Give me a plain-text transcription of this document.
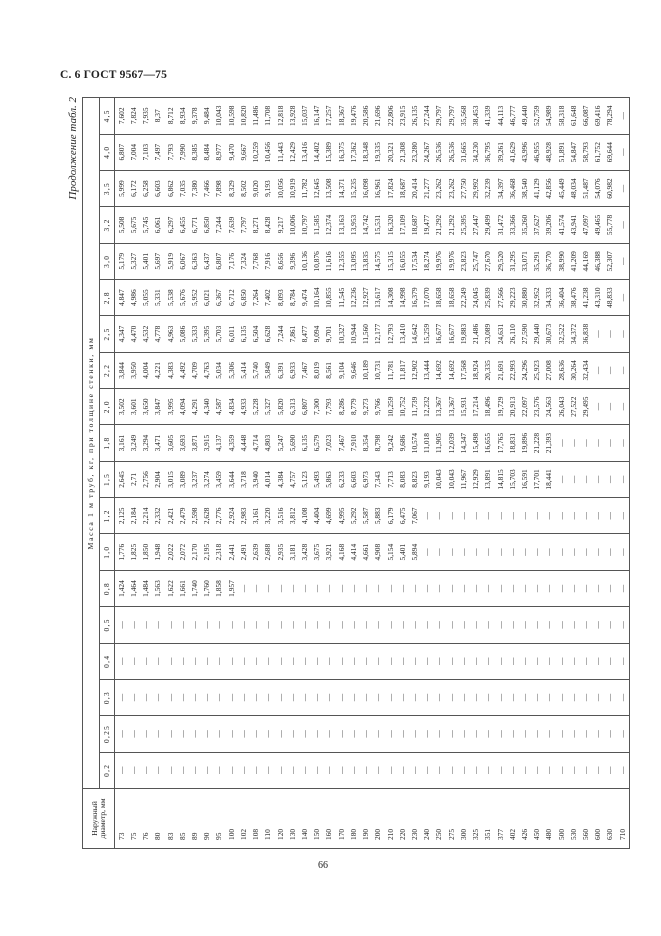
С. 6 ГОСТ 9567—75
Продолжение табл. 2
Наружный диаметр, мм	Масса 1 м труб, кг, при толщине стенки, мм																		
	0,2	0,25	0,3	0,4	0,5	0,8	1,0	1,2	1,5	1,8	2,0	2,2	2,5	2,8	3,0	3,2	3,5	4,0	4,5
73	—	—	—	—	—	1,424	1,776	2,125	2,645	3,161	3,502	3,844	4,347	4,847	5,179	5,508	5,999	6,807	7,602
75	—	—	—	—	—	1,464	1,825	2,184	2,71	3,249	3,601	3,950	4,470	4,986	5,327	5,675	6,172	7,004	7,824
76	—	—	—	—	—	1,484	1,850	2,214	2,756	3,294	3,650	4,004	4,532	5,055	5,401	5,745	6,258	7,103	7,935
80	—	—	—	—	—	1,563	1,948	2,332	2,904	3,471	3,847	4,221	4,778	5,331	5,697	6,061	6,603	7,497	8,37
83	—	—	—	—	—	1,622	2,022	2,421	3,015	3,605	3,995	4,383	4,963	5,538	5,919	6,297	6,862	7,793	8,712
85	—	—	—	—	—	1,661	2,072	2,479	3,089	3,693	4,094	4,492	5,086	5,676	6,067	6,455	7,035	7,990	8,934
89	—	—	—	—	—	1,740	2,170	2,598	3,237	3,871	4,291	4,709	5,333	5,952	6,363	6,771	7,380	8,385	9,378
90	—	—	—	—	—	1,760	2,195	2,628	3,274	3,915	4,340	4,763	5,395	6,021	6,437	6,850	7,466	8,484	9,484
95	—	—	—	—	—	1,858	2,318	2,776	3,459	4,137	4,587	5,034	5,703	6,367	6,807	7,244	7,898	8,977	10,043
100	—	—	—	—	—	1,957	2,441	2,924	3,644	4,359	4,834	5,306	6,011	6,712	7,176	7,639	8,329	9,470	10,598
102	—	—	—	—	—	—	2,491	2,983	3,718	4,448	4,933	5,414	6,135	6,850	7,324	7,797	8,502	9,667	10,820
108	—	—	—	—	—	—	2,639	3,161	3,940	4,714	5,228	5,740	6,504	7,264	7,768	8,271	9,020	10,259	11,486
110	—	—	—	—	—	—	2,688	3,220	4,014	4,803	5,327	5,849	6,628	7,402	7,916	8,428	9,193	10,456	11,708
120	—	—	—	—	—	—	2,935	3,516	4,384	5,247	5,820	6,391	7,244	8,093	8,656	9,217	10,056	11,443	12,818
130	—	—	—	—	—	—	3,181	3,812	4,757	5,690	6,313	6,933	7,861	8,784	9,396	10,006	10,919	12,429	13,928
140	—	—	—	—	—	—	3,428	4,108	5,123	6,135	6,807	7,467	8,477	9,474	10,136	10,797	11,782	13,416	15,037
150	—	—	—	—	—	—	3,675	4,404	5,493	6,579	7,300	8,019	9,094	10,164	10,876	11,585	12,645	14,402	16,147
160	—	—	—	—	—	—	3,921	4,699	5,863	7,023	7,793	8,561	9,701	10,855	11,616	12,374	13,508	15,389	17,257
170	—	—	—	—	—	—	4,168	4,995	6,233	7,467	8,286	9,104	10,327	11,545	12,355	13,163	14,371	16,375	18,367
180	—	—	—	—	—	—	4,414	5,292	6,603	7,910	8,779	9,646	10,944	12,236	13,095	13,953	15,235	17,362	19,476
190	—	—	—	—	—	—	4,661	5,587	6,973	8,354	9,273	10,189	11,560	12,927	13,835	14,742	16,098	18,348	20,586
200	—	—	—	—	—	—	4,908	5,883	7,343	8,798	9,766	10,731	12,177	13,617	14,575	15,531	16,961	19,335	21,696
210	—	—	—	—	—	—	5,154	6,179	7,713	9,242	10,259	11,781	12,793	14,308	15,315	16,320	17,824	20,321	22,806
220	—	—	—	—	—	—	5,401	6,475	8,083	9,686	10,752	11,817	13,410	14,998	16,055	17,109	18,687	21,308	23,915
230	—	—	—	—	—	—	5,894	7,067	8,823	10,574	11,739	12,902	14,642	16,379	17,534	18,687	20,414	23,280	26,135
240	—	—	—	—	—	—	—	—	9,193	11,018	12,232	13,444	15,259	17,070	18,274	19,477	21,277	24,267	27,244
250	—	—	—	—	—	—	—	—	10,043	11,905	13,367	14,692	16,677	18,658	19,976	21,292	23,262	26,536	29,797
275	—	—	—	—	—	—	—	—	10,043	12,039	13,367	14,692	16,677	18,658	19,976	21,292	23,262	26,536	29,797
300	—	—	—	—	—	—	—	—	11,967	14,347	15,931	17,568	19,883	22,249	23,823	25,395	27,750	31,665	35,568
325	—	—	—	—	—	—	—	—	12,929	15,498	17,214	18,924	21,486	24,045	25,747	27,447	29,992	34,230	38,453
351	—	—	—	—	—	—	—	—	13,891	16,655	18,496	20,335	23,089	25,839	27,670	29,499	32,239	36,795	41,339
377	—	—	—	—	—	—	—	—	14,815	17,765	19,729	21,691	24,631	27,566	29,520	31,472	34,397	39,261	44,113
402	—	—	—	—	—	—	—	—	15,703	18,831	20,913	22,993	26,110	29,223	31,295	33,366	36,468	41,629	46,777
426	—	—	—	—	—	—	—	—	16,591	19,896	22,097	24,296	27,590	30,880	33,071	35,260	38,540	43,996	49,440
450	—	—	—	—	—	—	—	—	17,701	21,228	23,576	25,923	29,440	32,952	35,291	37,627	41,129	46,955	52,759
480	—	—	—	—	—	—	—	—	18,441	21,393	24,563	27,008	30,673	34,333	36,770	39,206	42,856	48,928	54,989
500	—	—	—	—	—	—	—	—	—	—	26,043	28,636	32,522	36,404	38,990	41,574	45,449	51,891	58,318
530	—	—	—	—	—	—	—	—	—	—	27,522	30,264	34,372	38,476	41,209	43,941	48,034	54,847	61,648
560	—	—	—	—	—	—	—	—	—	—	29,495	32,434	36,838	41,238	44,169	47,097	51,487	58,793	66,087
600	—	—	—	—	—	—	—	—	—	—	—	—	—	43,310	46,388	49,465	54,076	61,752	69,416
630	—	—	—	—	—	—	—	—	—	—	—	—	—	48,833	52,307	55,778	60,982	69,644	78,294
710	—	—	—	—	—	—	—	—	—	—	—	—	—	—	—	—	—	—	—
66
